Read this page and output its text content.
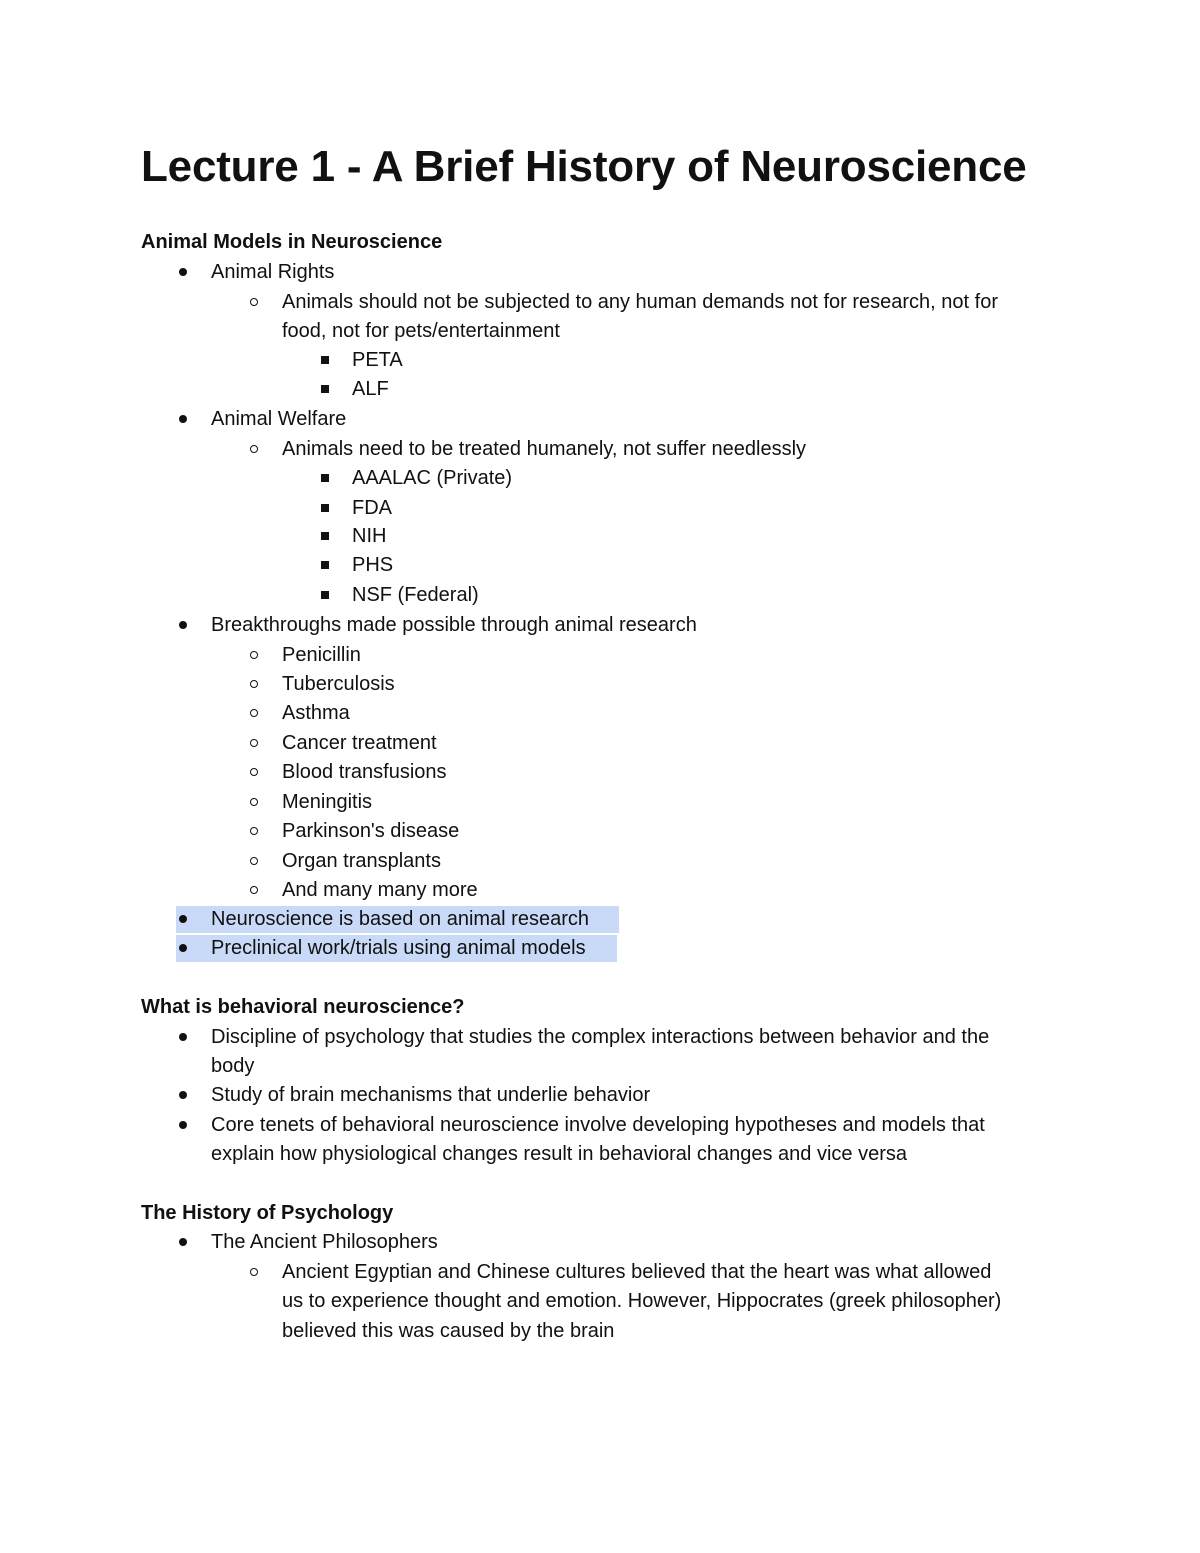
Lecture 1 - A Brief History of Neuroscience
Animal Models in Neuroscience
Animal Rights
Animals should not be subjected to any human demands not for research, not for
food, not for pets/entertainment
PETA
ALF
Animal Welfare
Animals need to be treated humanely, not suffer needlessly
AAALAC (Private)
FDA
NIH
PHS
NSF (Federal)
Breakthroughs made possible through animal research
Penicillin
Tuberculosis
Asthma
Cancer treatment
Blood transfusions
Meningitis
Parkinson's disease
Organ transplants
And many many more
Neuroscience is based on animal research
Preclinical work/trials using animal models
What is behavioral neuroscience?
Discipline of psychology that studies the complex interactions between behavior and the
body
Study of brain mechanisms that underlie behavior
Core tenets of behavioral neuroscience involve developing hypotheses and models that
explain how physiological changes result in behavioral changes and vice versa
The History of Psychology
The Ancient Philosophers
Ancient Egyptian and Chinese cultures believed that the heart was what allowed
us to experience thought and emotion. However, Hippocrates (greek philosopher)
believed this was caused by the brain
